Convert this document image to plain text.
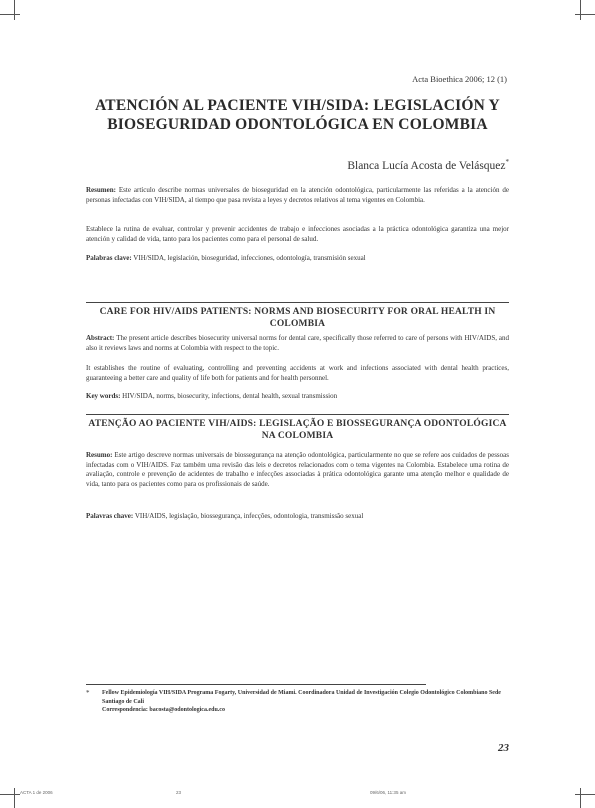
Acta Bioethica 2006; 12 (1)
ATENCIÓN AL PACIENTE VIH/SIDA: LEGISLACIÓN Y BIOSEGURIDAD ODONTOLÓGICA EN COLOMBIA
Blanca Lucía Acosta de Velásquez*
Resumen: Este artículo describe normas universales de bioseguridad en la atención odontológica, particularmente las referidas a la atención de personas infectadas con VIH/SIDA, al tiempo que pasa revista a leyes y decretos relativos al tema vigentes en Colombia.
Establece la rutina de evaluar, controlar y prevenir accidentes de trabajo e infecciones asociadas a la práctica odontológica garantiza una mejor atención y calidad de vida, tanto para los pacientes como para el personal de salud.
Palabras clave: VIH/SIDA, legislación, bioseguridad, infecciones, odontología, transmisión sexual
CARE FOR HIV/AIDS PATIENTS: NORMS AND BIOSECURITY FOR ORAL HEALTH IN COLOMBIA
Abstract: The present article describes biosecurity universal norms for dental care, specifically those referred to care of persons with HIV/AIDS, and also it reviews laws and norms at Colombia with respect to the topic.
It establishes the routine of evaluating, controlling and preventing accidents at work and infections associated with dental health practices, guaranteeing a better care and quality of life both for patients and for health personnel.
Key words: HIV/SIDA, norms, biosecurity, infections, dental health, sexual transmission
ATENÇÃO AO PACIENTE VIH/AIDS: LEGISLAÇÃO E BIOSSEGURANÇA ODONTOLÓGICA NA COLOMBIA
Resumo: Este artigo descreve normas universais de biossegurança na atenção odontológica, particularmente no que se refere aos cuidados de pessoas infectadas com o VIH/AIDS. Faz também uma revisão das leis e decretos relacionados com o tema vigentes na Colombia. Estabelece uma rotina de avaliação, controle e prevenção de acidentes de trabalho e infecções associadas à prática odontológica garante uma atenção melhor e qualidade de vida, tanto para os pacientes como para os profissionais de saúde.
Palavras chave: VIH/AIDS, legislação, biossegurança, infecções, odontologia, transmissão sexual
* Fellow Epidemiología VIH/SIDA Programa Fogarty, Universidad de Miami. Coordinadora Unidad de Investigación Colegio Odontológico Colombiano Sede Santiago de Cali
Correspondencia: bacosta@odontologica.edu.co
23
ACTA 1 de 2006	23	09/6/06, 11:35 am
